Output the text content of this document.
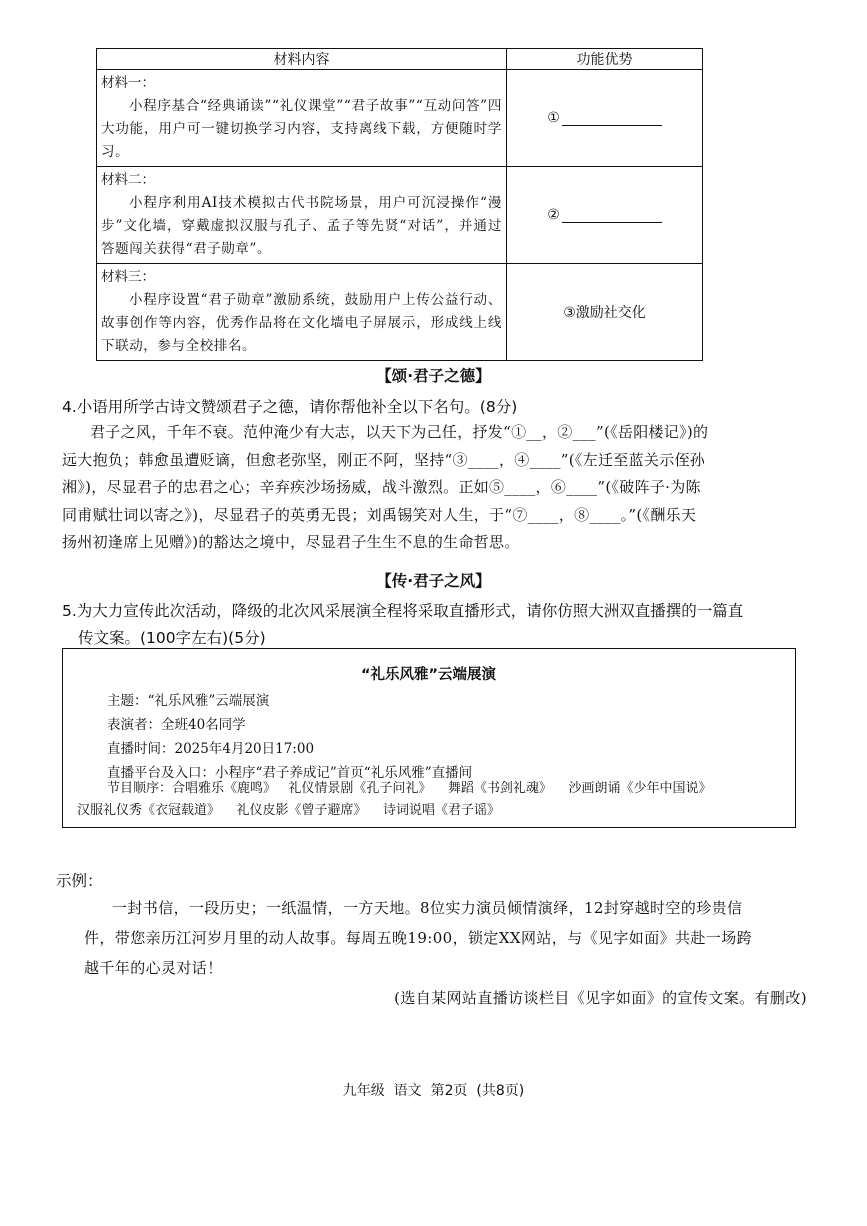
材料内容	功能优势

材料一：
小程序基合“经典诵读”“礼仪课堂”“君子故事”“互动问答”四大功能，用户可一键切换学习内容，支持离线下载，方便随时学习。	①

材料二：
小程序利用AI技术模拟古代书院场景，用户可沉浸操作“漫步”文化墙，穿戴虚拟汉服与孔子、孟子等先贤“对话”，并通过答题闯关获得“君子勋章”。	②

材料三：
小程序设置“君子勋章”激励系统，鼓励用户上传公益行动、故事创作等内容，优秀作品将在文化墙电子屏展示，形成线上线下联动，参与全校排名。	③激励社交化
【颂·君子之德】
4.小语用所学古诗文赞颂君子之德，请你帮他补全以下名句。(8分)
君子之风，千年不衰。范仲淹少有大志，以天下为己任，抒发“①__，②___”(《岳阳楼记》)的
远大抱负；韩愈虽遭贬谪，但愈老弥坚，刚正不阿，坚持“③____，④____”(《左迁至蓝关示侄孙
湘》)，尽显君子的忠君之心；辛弃疾沙场扬威，战斗激烈。正如⑤____，⑥____”(《破阵子·为陈
同甫赋壮词以寄之》)，尽显君子的英勇无畏；刘禹锡笑对人生，于“⑦____，⑧____。”(《酬乐天
扬州初逢席上见赠》)的豁达之境中，尽显君子生生不息的生命哲思。
【传·君子之风】
5.为大力宣传此次活动，降级的北次风采展演全程将采取直播形式，请你仿照大洲双直播撰的一篇直
传文案。(100字左右)(5分)
“礼乐风雅”云端展演
主题：“礼乐风雅”云端展演
表演者：全班40名同学
直播时间：2025年4月20日17:00
直播平台及入口：小程序“君子养成记”首页“礼乐风雅”直播间
节目顺序：合唱雅乐《鹿鸣》   礼仪情景剧《孔子问礼》    舞蹈《书剑礼魂》    沙画朗诵《少年中国说》
汉服礼仪秀《衣冠载道》    礼仪皮影《曾子避席》    诗词说唱《君子谣》
示例：
一封书信，一段历史；一纸温情，一方天地。8位实力演员倾情演绎，12封穿越时空的珍贵信
件，带您亲历江河岁月里的动人故事。每周五晚19:00，锁定XX网站，与《见字如面》共赴一场跨
越千年的心灵对话！
(选自某网站直播访谈栏目《见字如面》的宣传文案。有删改)
九年级  语文  第2页  (共8页)
